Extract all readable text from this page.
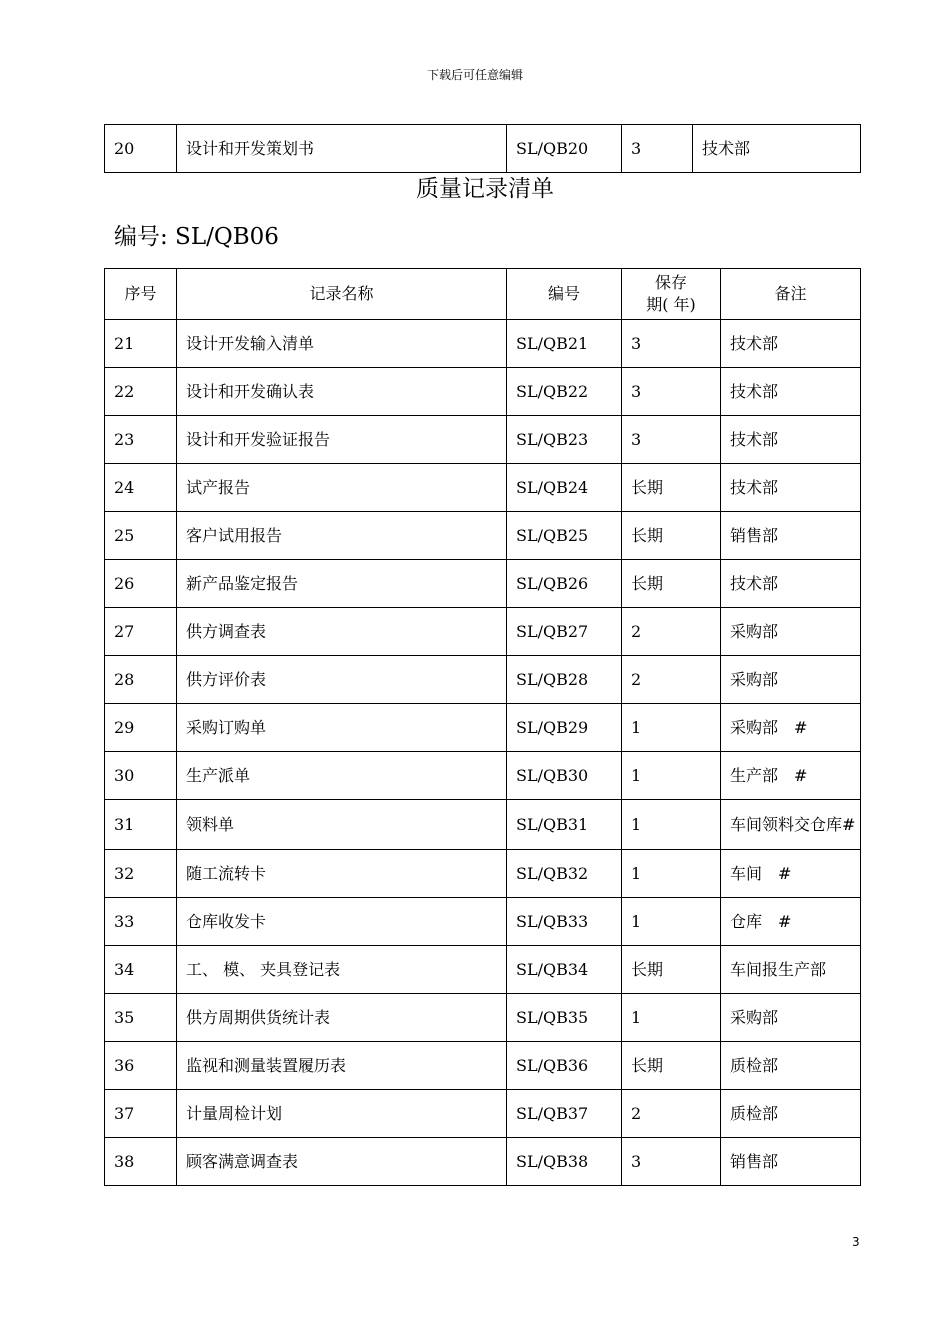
下载后可任意编辑
20	设计和开发策划书	SL/QB20	3	技术部
质量记录清单
编号: SL/QB06
序号	记录名称	编号	保存
期( 年)	备注
21	设计开发输入清单	SL/QB21	3	技术部
22	设计和开发确认表	SL/QB22	3	技术部
23	设计和开发验证报告	SL/QB23	3	技术部
24	试产报告	SL/QB24	长期	技术部
25	客户试用报告	SL/QB25	长期	销售部
26	新产品鉴定报告	SL/QB26	长期	技术部
27	供方调查表	SL/QB27	2	采购部
28	供方评价表	SL/QB28	2	采购部
29	采购订购单	SL/QB29	1	采购部　#
30	生产派单	SL/QB30	1	生产部　#
31	领料单	SL/QB31	1	车间领料交仓库#
32	随工流转卡	SL/QB32	1	车间　#
33	仓库收发卡	SL/QB33	1	仓库　#
34	工、 模、 夹具登记表	SL/QB34	长期	车间报生产部
35	供方周期供货统计表	SL/QB35	1	采购部
36	监视和测量装置履历表	SL/QB36	长期	质检部
37	计量周检计划	SL/QB37	2	质检部
38	顾客满意调查表	SL/QB38	3	销售部
3
